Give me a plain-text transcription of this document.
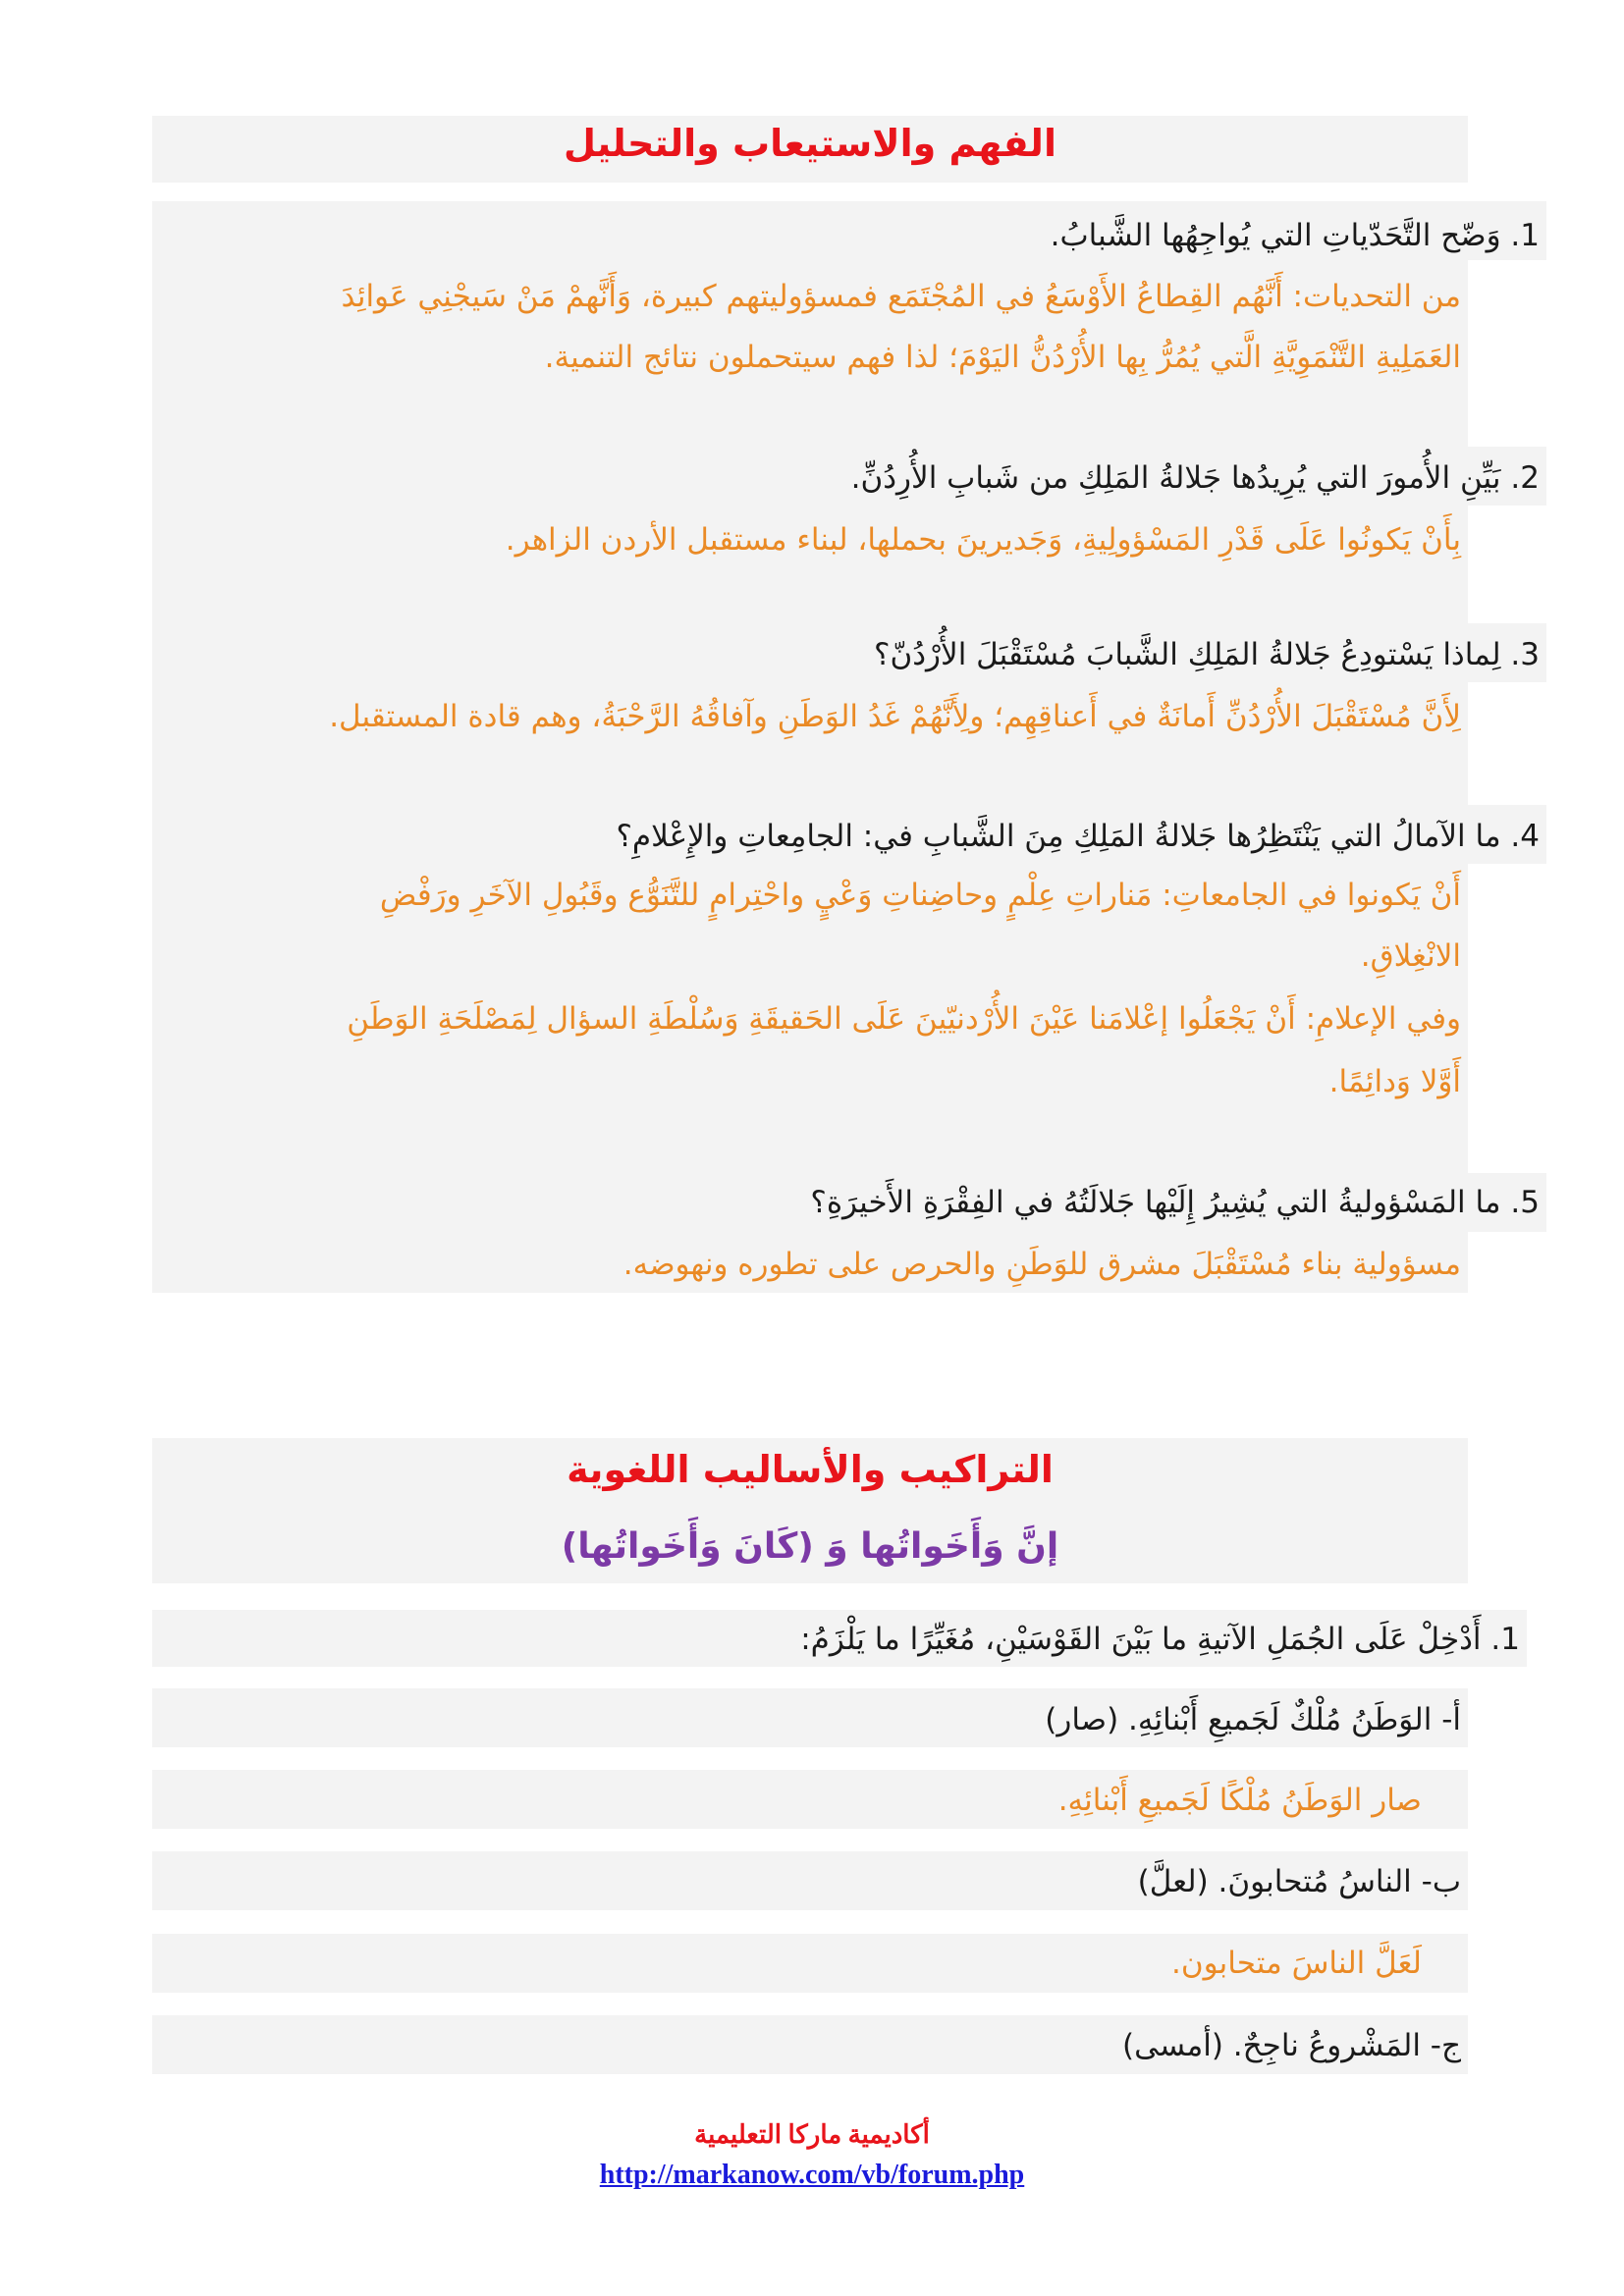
الفهم والاستيعاب والتحليل
1. وَضّح التَّحَدّياتِ التي يُواجِهُها الشَّبابُ.
من التحديات: أَنَّهُم القِطاعُ الأَوْسَعُ في المُجْتَمَع فمسؤوليتهم كبيرة، وَأَنَّهمْ مَنْ سَيجْنِي عَوائِدَ
العَمَلِيةِ التَّنْمَوِيَّةِ الَّتي يُمُرُّ بِها الأُرْدُنُّ اليَوْمَ؛ لذا فهم سيتحملون نتائج التنمية.
2. بَيِّنِ الأُمورَ التي يُرِيدُها جَلالةُ المَلِكِ من شَبابِ الأُرِدُنِّ.
بِأَنْ يَكونُوا عَلَى قَدْرِ المَسْؤولِيةِ، وَجَديرينَ بحملها، لبناء مستقبل الأردن الزاهر.
3. لِماذا يَسْتودِعُ جَلالةُ المَلِكِ الشَّبابَ مُسْتَقْبَلَ الأُرْدُنّ؟
لِأَنَّ مُسْتَقْبَلَ الأُرْدُنِّ أَمانَةٌ في أَعناقِهِم؛ ولِأَنَّهُمْ غَدُ الوَطَنِ وآفاقُهُ الرَّحْبَةُ، وهم قادة المستقبل.
4. ما الآمالُ التي يَنْتَظِرُها جَلالةُ المَلِكِ مِنَ الشَّبابِ في: الجامِعاتِ والإِعْلامِ؟
أَنْ يَكونوا في الجامعاتِ: مَناراتِ عِلْمٍ وحاضِناتِ وَعْيٍ واحْتِرامٍ للتَّنَوُّع وقَبُولِ الآخَرِ ورَفْضِ
الانْغِلاقِ.
وفي الإعلامِ: أَنْ يَجْعَلُوا إعْلامَنا عَيْنَ الأُرْدنيّينَ عَلَى الحَقيقَةِ وَسُلْطَةِ السؤال لِمَصْلَحَةِ الوَطَنِ
أَوَّلا وَدائِمًا.
5. ما المَسْؤوليةُ التي يُشِيرُ إِلَيْها جَلالَتُهُ في الفِقْرَةِ الأَخيرَةِ؟
مسؤولية بناء مُسْتَقْبَلَ مشرق للوَطَنِ والحرص على تطوره ونهوضه.
التراكيب والأساليب اللغوية
إنَّ وَأَخَواتُها وَ (كَانَ وَأَخَواتُها)
1. أَدْخِلْ عَلَى الجُمَلِ الآتيةِ ما بَيْنَ القَوْسَيْنِ، مُغَيِّرًا ما يَلْزَمُ:
أ- الوَطَنُ مُلْكٌ لَجَميعِ أَبْنائِهِ. (صار)
صار الوَطَنُ مُلْكًا لَجَميعِ أَبْنائِهِ.
ب- الناسُ مُتحابونَ. (لعلَّ)
لَعَلَّ الناسَ متحابون.
ج- المَشْروعُ ناجِحٌ. (أمسى)
أكاديمية ماركا التعليمية
http://markanow.com/vb/forum.php
